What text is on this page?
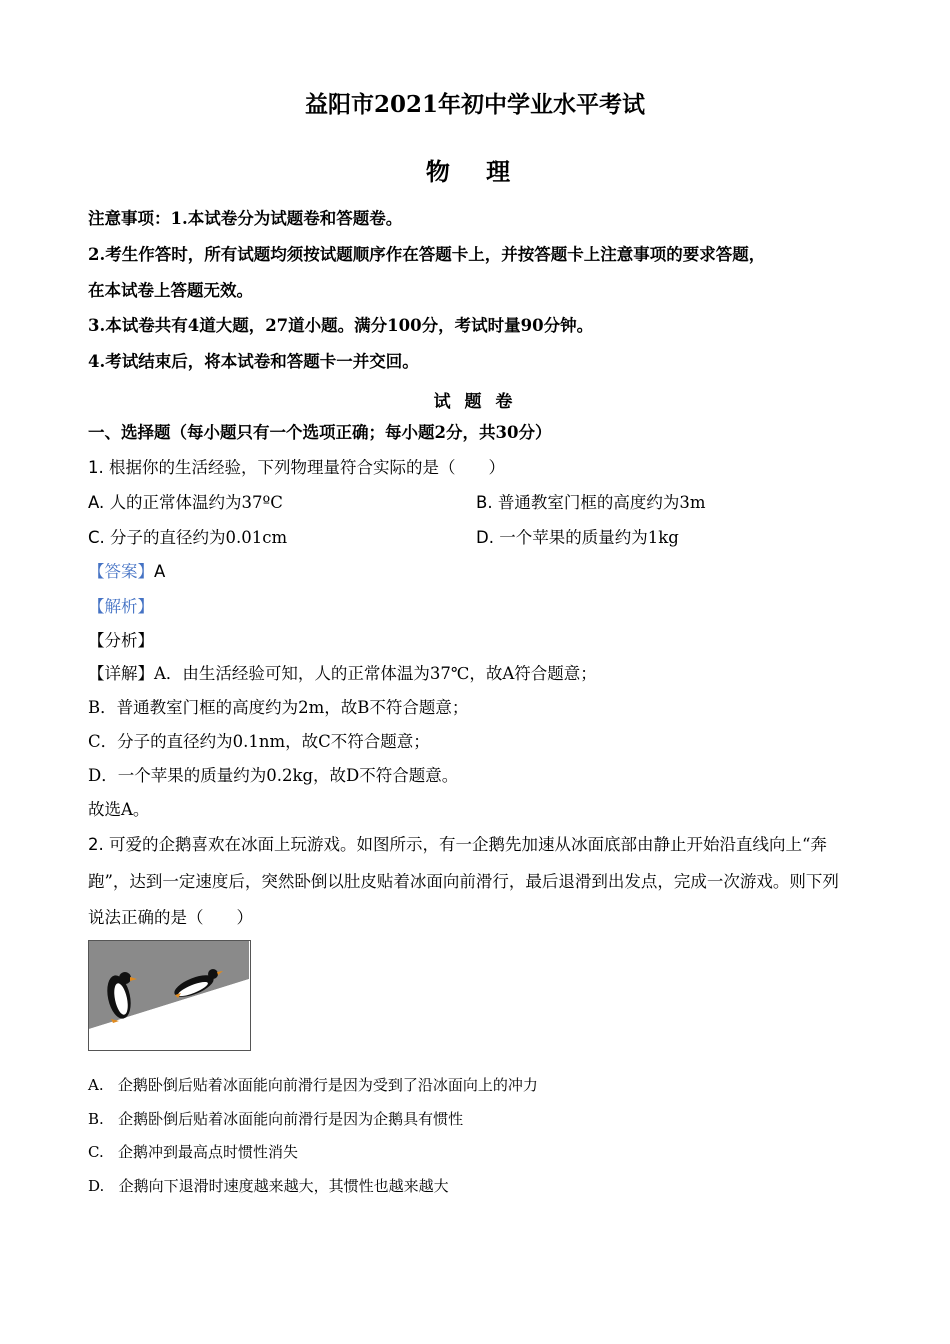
益阳市2021年初中学业水平考试
物 理
注意事项：1.本试卷分为试题卷和答题卷。
2.考生作答时，所有试题均须按试题顺序作在答题卡上，并按答题卡上注意事项的要求答题，
在本试卷上答题无效。
3.本试卷共有4道大题，27道小题。满分100分，考试时量90分钟。
4.考试结束后，将本试卷和答题卡一并交回。
试 题 卷
一、选择题（每小题只有一个选项正确；每小题2分，共30分）
1. 根据你的生活经验，下列物理量符合实际的是（　　）
A. 人的正常体温约为37ºC	B. 普通教室门框的高度约为3m
C. 分子的直径约为0.01cm	D. 一个苹果的质量约为1kg
【答案】A
【解析】
【分析】
【详解】A．由生活经验可知，人的正常体温为37℃，故A符合题意；
B．普通教室门框的高度约为2m，故B不符合题意；
C．分子的直径约为0.1nm，故C不符合题意；
D．一个苹果的质量约为0.2kg，故D不符合题意。
故选A。
2. 可爱的企鹅喜欢在冰面上玩游戏。如图所示，有一企鹅先加速从冰面底部由静止开始沿直线向上“奔
跑”，达到一定速度后，突然卧倒以肚皮贴着冰面向前滑行，最后退滑到出发点，完成一次游戏。则下列
说法正确的是（　　）
A. 企鹅卧倒后贴着冰面能向前滑行是因为受到了沿冰面向上的冲力
B. 企鹅卧倒后贴着冰面能向前滑行是因为企鹅具有惯性
C. 企鹅冲到最高点时惯性消失
D. 企鹅向下退滑时速度越来越大，其惯性也越来越大
